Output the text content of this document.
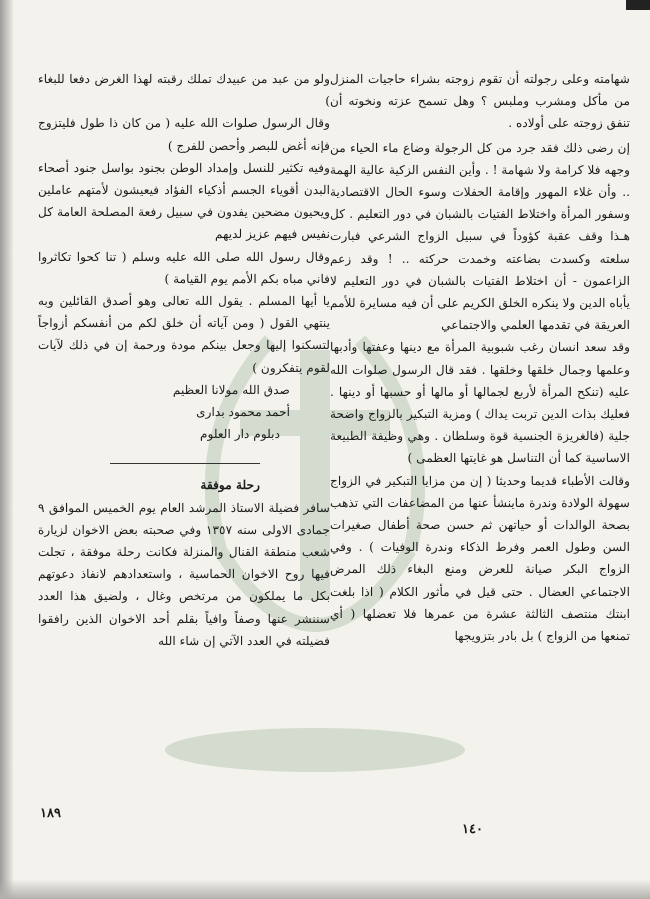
شهامته وعلى رجولته أن تقوم زوجته بشراء حاجيات المنزل من مأكل ومشرب وملبس ؟ وهل تسمح عزته ونخوته أن تنفق زوجته على أولاده .

إن رضى ذلك فقد جرد من كل الرجولة وضاع ماء الحياء من وجهه فلا كرامة ولا شهامة ! . وأين النفس الزكية عالية الهمة .. وأن غلاء المهور وإقامة الحفلات وسوء الحال الاقتصادية وسفور المرأة واختلاط الفتيات بالشبان في دور التعليم . كل هـذا وقف عقبة كؤوداً في سبيل الزواج الشرعي فبارت سلعته وكسدت بضاعته وخمدت حركته .. ! وقد زعم الزاعمون - أن اختلاط الفتيات بالشبان في دور التعليم لا يأباه الدين ولا ينكره الخلق الكريم على أن فيه مسايرة للأمم العريقة في تقدمها العلمي والاجتماعي

وقد سعد انسان رغب شبوبية المرأة مع دينها وعفتها وأدبها وعلمها وجمال خلقها وخلقها . فقد قال الرسول صلوات الله عليه (تنكح المرأة لأربع لجمالها أو مالها أو حسبها أو دينها . فعليك بذات الدين تربت يداك ) ومزية التبكير بالزواج واضحة جلية (فالغريزة الجنسية قوة وسلطان . وهي وظيفة الطبيعة الاساسية كما أن التناسل هو غايتها العظمى )

وقالت الأطباء قديما وحديثا ( إن من مزايا التبكير في الزواج سهولة الولادة وندرة ماينشأ عنها من المضاعفات التي تذهب بصحة الوالدات أو حياتهن ثم حسن صحة أطفال صغيرات السن وطول العمر وفرط الذكاء وندرة الوفيات ) . وفي الزواج البكر صيانة للعرض ومنع البغاء ذلك المرض الاجتماعي العضال . حتى قيل في مأثور الكلام ( اذا بلغت ابنتك منتصف الثالثة عشرة من عمرها فلا تعضلها ( أي تمنعها من الزواج ) بل بادر بتزويجها

ولو من عبد من عبيدك تملك رقبته لهذا الغرض دفعا للبغاء )

وقال الرسول صلوات الله عليه ( من كان ذا طول فليتزوج فإنه أغض للبصر وأحصن للفرج )

وفيه تكثير للنسل وإمداد الوطن بجنود بواسل جنود أصحاء البدن أقوياء الجسم أذكياء الفؤاد فيعيشون لأمتهم عاملين ويحيون مضحين يفدون في سبيل رفعة المصلحة العامة كل نفيس فيهم عزيز لديهم

وقال رسول الله صلى الله عليه وسلم ( تنا كحوا تكاثروا فاني مباه بكم الأمم يوم القيامة )

يا أيها المسلم . يقول الله تعالى وهو أصدق القائلين وبه ينتهي القول ( ومن آياته أن خلق لكم من أنفسكم أزواجاً لتسكنوا إليها وجعل بينكم مودة ورحمة إن في ذلك لآيات لقوم يتفكرون )

صدق الله مولانا العظيم

أحمد محمود بدارى

دبلوم دار العلوم

رحلة موفقة

سافر فضيلة الاستاذ المرشد العام يوم الخميس الموافق ٩ جمادى الاولى سنه ١٣٥٧ وفي صحبته بعض الاخوان لزيارة شعب منطقة القنال والمنزلة فكانت رحلة موفقة ، تجلت فيها روح الاخوان الحماسية ، واستعدادهم لانفاذ دعوتهم بكل ما يملكون من مرتخص وغال ، ولضيق هذا العدد سننشر عنها وصفاً وافياً بقلم أحد الاخوان الذين رافقوا فضيلته في العدد الآتي إن شاء الله

١٤٠
١٨٩
